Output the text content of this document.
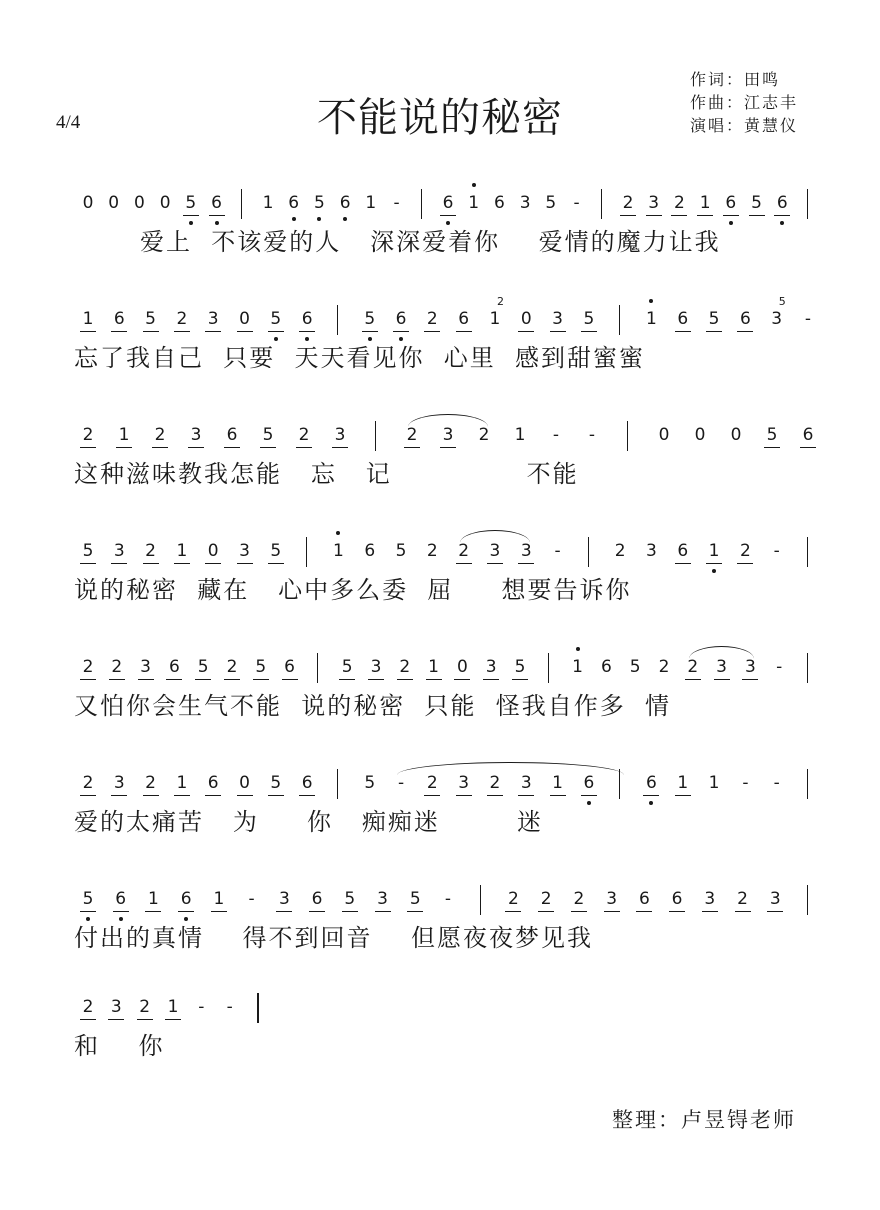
4/4	不能说的秘密
作词：田鸣
作曲：江志丰
演唱：黄慧仪
0 0 0 0 5 6 1 6 5 6 1 -	6 1 6 3 5 -	2 3 2 1 6 5 6
爱上  不该爱的人   深深爱着你    爱情的魔力让我
1 6 5 2 3 0 5 6	5 6 2 6 1
2
0 3 5	1 6 5 6 3
5
-
忘了我自己  只要  天天看见你  心里  感到甜蜜蜜
2 1 2 3 6 5 2 3	2 3 2 1 - -	0 0 0 5 6
这种滋味教我怎能   忘   记              不能
5 3 2 1 0 3 5	1 6 5 2 2 3 3 -	2 3 6 1 2 -
说的秘密  藏在   心中多么委  屈     想要告诉你
2 2 3 6 5 2 5 6	5 3 2 1 0 3 5	1 6 5 2 2 3 3 -
又怕你会生气不能  说的秘密  只能  怪我自作多  情
2 3 2 1 6 0 5 6	5 - 2 3 2 3 1 6	6 1 1 - -
爱的太痛苦   为     你   痴痴迷        迷
5 6 1 6 1 - 3 6 5 3 5 -	2 2 2 3 6 6 3 2 3
付出的真情    得不到回音    但愿夜夜梦见我
2 3 2 1 - -
和    你
整理：卢昱锝老师
